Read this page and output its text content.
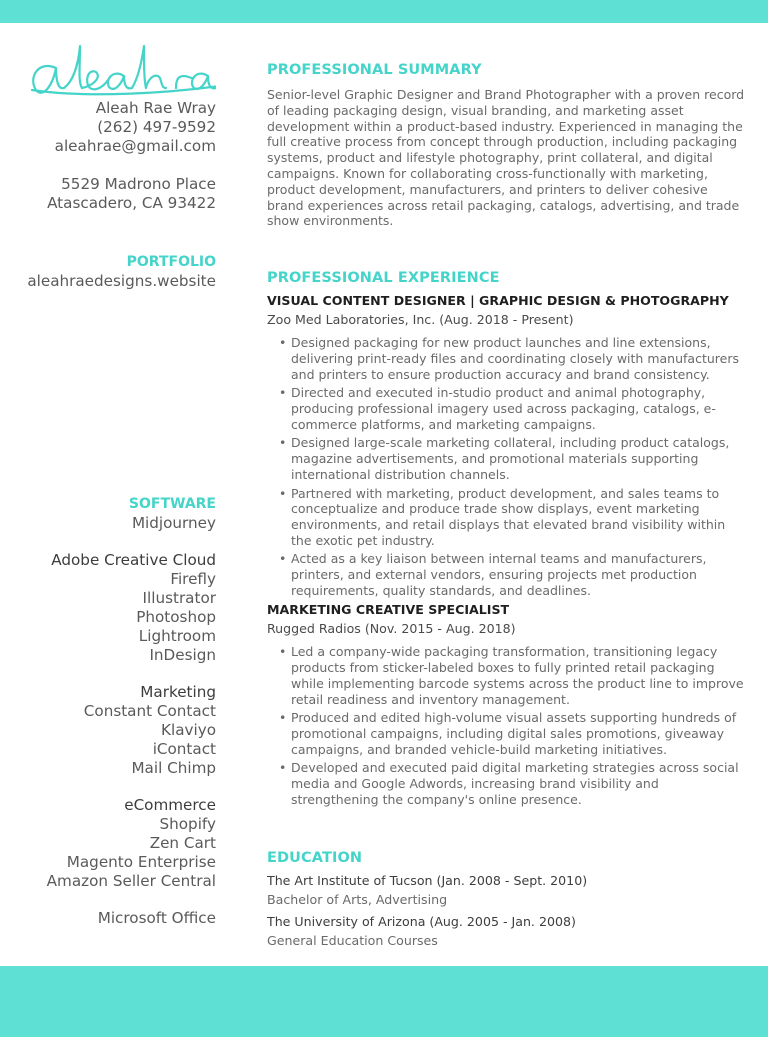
Aleah Rae Wray
(262) 497-9592
aleahrae@gmail.com
5529 Madrono Place
Atascadero, CA 93422
PORTFOLIO
aleahraedesigns.website
SOFTWARE
Midjourney
Adobe Creative Cloud
Firefly
Illustrator
Photoshop
Lightroom
InDesign
Marketing
Constant Contact
Klaviyo
iContact
Mail Chimp
eCommerce
Shopify
Zen Cart
Magento Enterprise
Amazon Seller Central
Microsoft Office
PROFESSIONAL SUMMARY
Senior-level Graphic Designer and Brand Photographer with a proven record of leading packaging design, visual branding, and marketing asset development within a product-based industry. Experienced in managing the full creative process from concept through production, including packaging systems, product and lifestyle photography, print collateral, and digital campaigns. Known for collaborating cross-functionally with marketing, product development, manufacturers, and printers to deliver cohesive brand experiences across retail packaging, catalogs, advertising, and trade show environments.
PROFESSIONAL EXPERIENCE
VISUAL CONTENT DESIGNER | GRAPHIC DESIGN & PHOTOGRAPHY
Zoo Med Laboratories, Inc. (Aug. 2018 - Present)
• Designed packaging for new product launches and line extensions, delivering print-ready files and coordinating closely with manufacturers and printers to ensure production accuracy and brand consistency.
• Directed and executed in-studio product and animal photography, producing professional imagery used across packaging, catalogs, e-commerce platforms, and marketing campaigns.
• Designed large-scale marketing collateral, including product catalogs, magazine advertisements, and promotional materials supporting international distribution channels.
• Partnered with marketing, product development, and sales teams to conceptualize and produce trade show displays, event marketing environments, and retail displays that elevated brand visibility within the exotic pet industry.
• Acted as a key liaison between internal teams and manufacturers, printers, and external vendors, ensuring projects met production requirements, quality standards, and deadlines.
MARKETING CREATIVE SPECIALIST
Rugged Radios (Nov. 2015 - Aug. 2018)
• Led a company-wide packaging transformation, transitioning legacy products from sticker-labeled boxes to fully printed retail packaging while implementing barcode systems across the product line to improve retail readiness and inventory management.
• Produced and edited high-volume visual assets supporting hundreds of promotional campaigns, including digital sales promotions, giveaway campaigns, and branded vehicle-build marketing initiatives.
• Developed and executed paid digital marketing strategies across social media and Google Adwords, increasing brand visibility and strengthening the company's online presence.
EDUCATION
The Art Institute of Tucson (Jan. 2008 - Sept. 2010)
Bachelor of Arts, Advertising
The University of Arizona (Aug. 2005 - Jan. 2008)
General Education Courses
